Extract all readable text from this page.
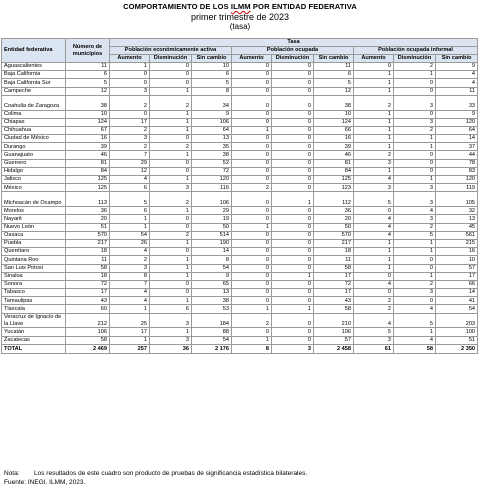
COMPORTAMIENTO DE LOS ILMM POR ENTIDAD FEDERATIVA
primer trimestre de 2023
(tasa)
Entidad federativa	Número de municipios	Tasa								
		Población económicamente activa			Población ocupada			Población ocupada informal		
		Aumento	Disminución	Sin cambio	Aumento	Disminución	Sin cambio	Aumento	Disminución	Sin cambio
Aguascalientes	11	1	0	10	0	0	11	0	2	9
Baja California	6	0	0	6	0	0	6	1	1	4
Baja California Sur	5	0	0	5	0	0	5	1	0	4
Campeche	12	3	1	8	0	0	12	1	0	11
Coahuila de Zaragoza	38	2	2	34	0	0	38	2	3	33
Colima	10	0	1	9	0	0	10	1	0	9
Chiapas	124	17	1	106	0	0	124	1	3	120
Chihuahua	67	2	1	64	1	0	66	1	2	64
Ciudad de México	16	3	0	13	0	0	16	1	1	14
Durango	39	2	2	35	0	0	39	1	1	37
Guanajuato	46	7	1	38	0	0	46	2	0	44
Guerrero	81	29	0	52	0	0	81	3	0	78
Hidalgo	84	12	0	72	0	0	84	1	0	83
Jalisco	125	4	1	120	0	0	125	4	1	120
México	125	6	3	116	2	0	123	3	3	119
Michoacán de Ocampo	113	5	2	106	0	1	112	5	3	105
Morelos	36	6	1	29	0	0	36	0	4	32
Nayarit	20	1	0	19	0	0	20	4	3	13
Nuevo León	51	1	0	50	1	0	50	4	2	45
Oaxaca	570	54	2	514	0	0	570	4	5	561
Puebla	217	26	1	190	0	0	217	1	1	215
Querétaro	18	4	0	14	0	0	18	1	1	16
Quintana Roo	11	2	1	8	0	0	11	1	0	10
San Luis Potosí	58	3	1	54	0	0	58	1	0	57
Sinaloa	18	8	1	9	0	1	17	0	1	17
Sonora	72	7	0	65	0	0	72	4	2	66
Tabasco	17	4	0	13	0	0	17	0	3	14
Tamaulipas	43	4	1	38	0	0	43	2	0	41
Tlaxcala	60	1	6	53	1	1	58	2	4	54
Veracruz de Ignacio de la Llave	212	25	3	184	2	0	210	4	5	203
Yucatán	106	17	1	88	0	0	106	5	1	100
Zacatecas	58	1	3	54	1	0	57	3	4	51
TOTAL	2 469	257	36	2 176	8	3	2 458	61	58	2 350
Nota: Los resultados de este cuadro son producto de pruebas de significancia estadística bilaterales.
Fuente: INEGI. ILMM, 2023.
